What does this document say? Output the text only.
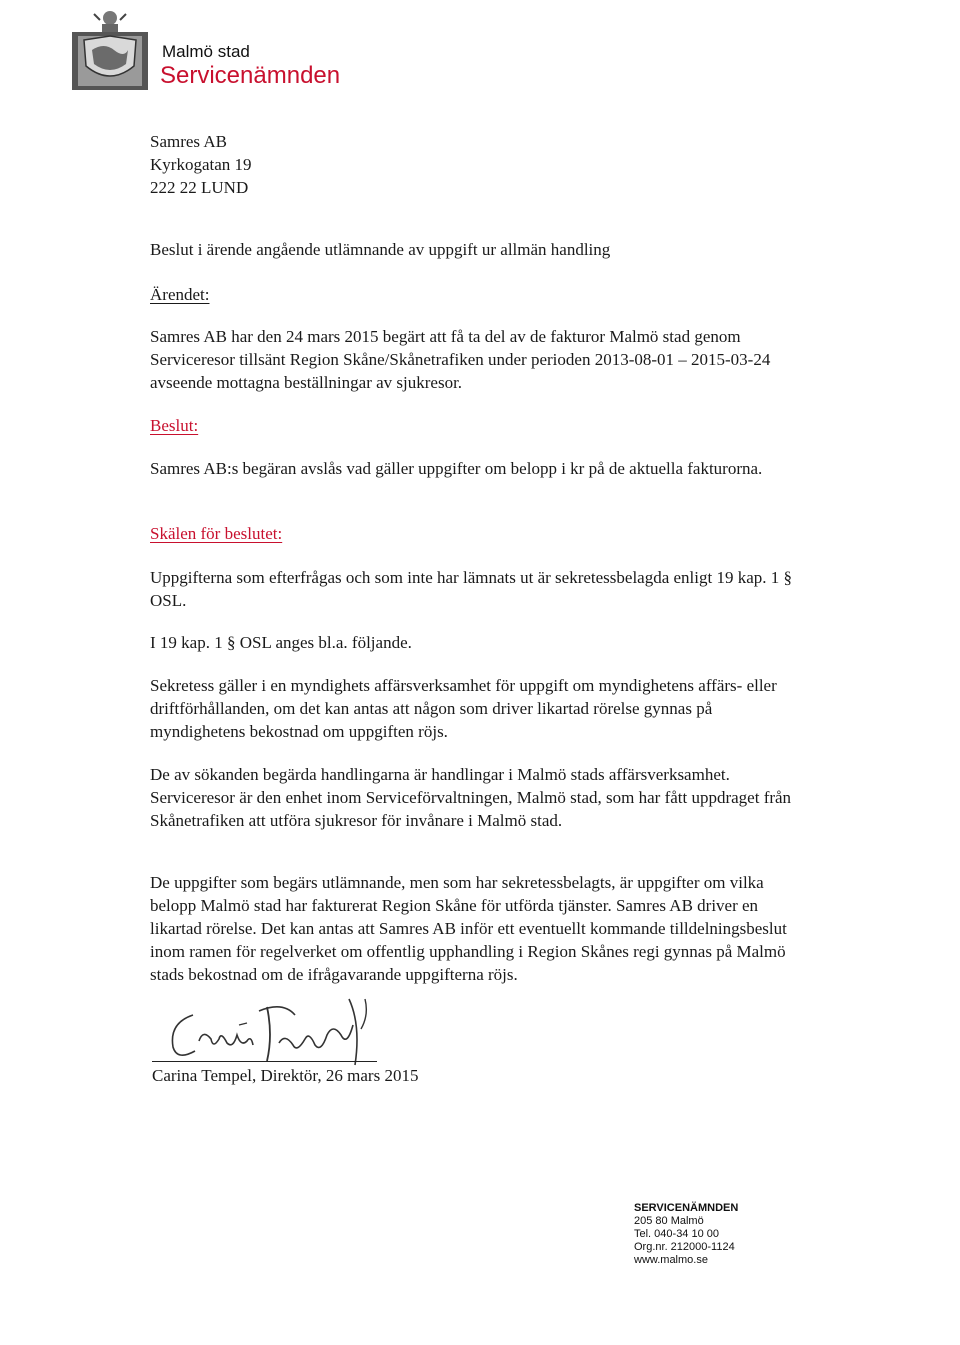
Malmö stad
Servicenämnden
Samres AB
Kyrkogatan 19
222 22 LUND
Beslut i ärende angående utlämnande av uppgift ur allmän handling
Ärendet:

Samres AB har den 24 mars 2015 begärt att få ta del av de fakturor Malmö stad genom Serviceresor tillsänt Region Skåne/Skånetrafiken under perioden 2013-08-01 – 2015-03-24 avseende mottagna beställningar av sjukresor.

Beslut:

Samres AB:s begäran avslås vad gäller uppgifter om belopp i kr på de aktuella fakturorna.

Skälen för beslutet:

Uppgifterna som efterfrågas och som inte har lämnats ut är sekretessbelagda enligt 19 kap. 1 § OSL.

I 19 kap. 1 § OSL anges bl.a. följande.

Sekretess gäller i en myndighets affärsverksamhet för uppgift om myndighetens affärs- eller driftförhållanden, om det kan antas att någon som driver likartad rörelse gynnas på myndighetens bekostnad om uppgiften röjs.

De av sökanden begärda handlingarna är handlingar i Malmö stads affärsverksamhet. Serviceresor är den enhet inom Serviceförvaltningen, Malmö stad, som har fått uppdraget från Skånetrafiken att utföra sjukresor för invånare i Malmö stad.

De uppgifter som begärs utlämnande, men som har sekretessbelagts, är uppgifter om vilka belopp Malmö stad har fakturerat Region Skåne för utförda tjänster. Samres AB driver en likartad rörelse. Det kan antas att Samres AB inför ett eventuellt kommande tilldelningsbeslut inom ramen för regelverket om offentlig upphandling i Region Skånes regi gynnas på Malmö stads bekostnad om de ifrågavarande uppgifterna röjs.

Carina Tempel, Direktör, 26 mars 2015
SERVICENÄMNDEN
205 80 Malmö
Tel. 040-34 10 00
Org.nr. 212000-1124
www.malmo.se
